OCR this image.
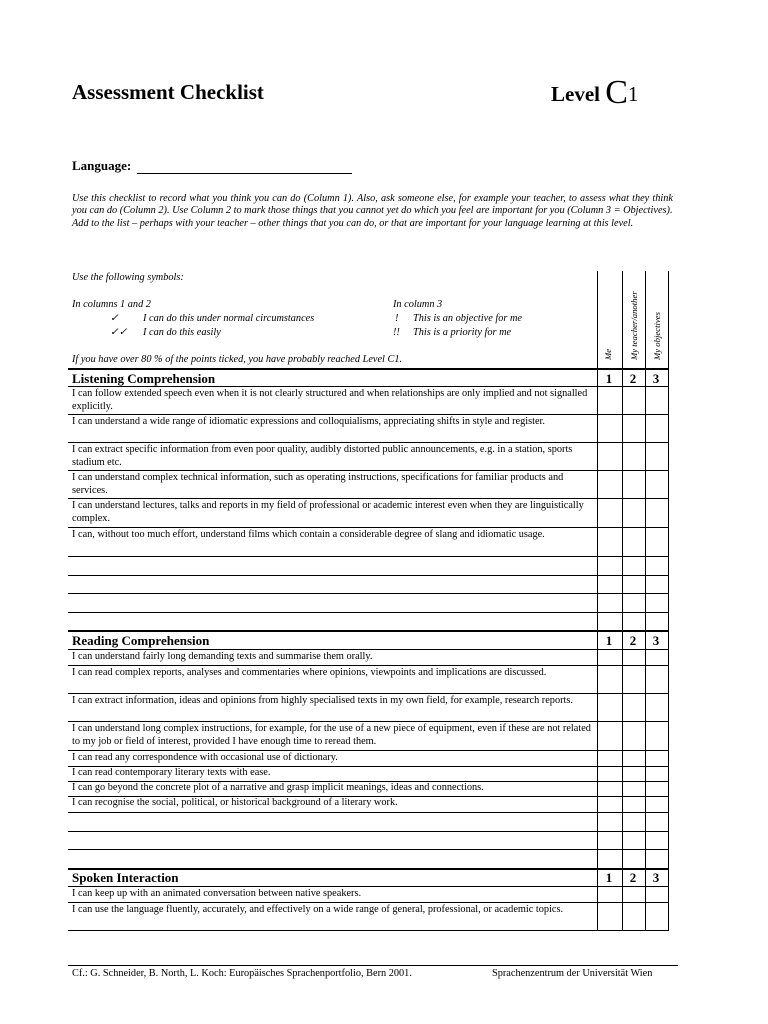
Assessment Checklist	Level C1
Language:
Use this checklist to record what you think you can do (Column 1). Also, ask someone else, for example your teacher, to assess what they think you can do (Column 2). Use Column 2 to mark those things that you cannot yet do which you feel are important for you (Column 3 = Objectives).
Add to the list – perhaps with your teacher – other things that you can do, or that are important for your language learning at this level.
Use the following symbols:
In columns 1 and 2	In column 3
✓ I can do this under normal circumstances
✓✓ I can do this easily
! This is an objective for me
!! This is a priority for me
If you have over 80 % of the points ticked, you have probably reached Level C1.	Me My teacher/another My objectives
Listening Comprehension	1	2	3
I can follow extended speech even when it is not clearly structured and when relationships are only implied and not signalled explicitly.
I can understand a wide range of idiomatic expressions and colloquialisms, appreciating shifts in style and register.
I can extract specific information from even poor quality, audibly distorted public announcements, e.g. in a station, sports stadium etc.
I can understand complex technical information, such as operating instructions, specifications for familiar products and services.
I can understand lectures, talks and reports in my field of professional or academic interest even when they are linguistically complex.
I can, without too much effort, understand films which contain a considerable degree of slang and idiomatic usage.
Reading Comprehension	1	2	3
I can understand fairly long demanding texts and summarise them orally.
I can read complex reports, analyses and commentaries where opinions, viewpoints and implications are discussed.
I can extract information, ideas and opinions from highly specialised texts in my own field, for example, research reports.
I can understand long complex instructions, for example, for the use of a new piece of equipment, even if these are not related to my job or field of interest, provided I have enough time to reread them.
I can read any correspondence with occasional use of dictionary.
I can read contemporary literary texts with ease.
I can go beyond the concrete plot of a narrative and grasp implicit meanings, ideas and connections.
I can recognise the social, political, or historical background of a literary work.
Spoken Interaction	1	2	3
I can keep up with an animated conversation between native speakers.
I can use the language fluently, accurately, and effectively on a wide range of general, professional, or academic topics.
Cf.: G. Schneider, B. North, L. Koch: Europäisches Sprachenportfolio, Bern 2001.	Sprachenzentrum der Universität Wien
